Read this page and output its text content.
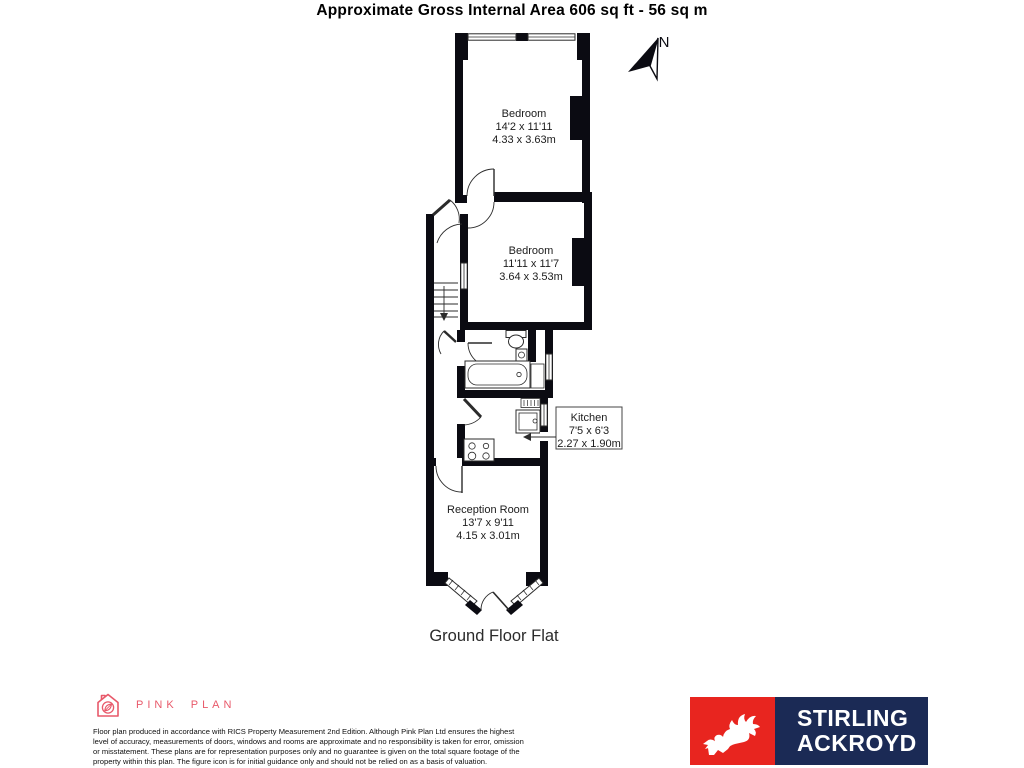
Approximate Gross Internal Area 606 sq ft - 56 sq m
N
Bedroom
14'2 x 11'11
4.33 x 3.63m
Bedroom
11'11 x 11'7
3.64 x 3.53m
Kitchen
7'5 x 6'3
2.27 x 1.90m
Reception Room
13'7 x 9'11
4.15 x 3.01m
Ground Floor Flat
PINK PLAN
Floor plan produced in accordance with RICS Property Measurement 2nd Edition. Although Pink Plan Ltd ensures the highest
level of accuracy, measurements of doors, windows and rooms are approximate and no responsibility is taken for error, omission
or misstatement. These plans are for representation purposes only and no guarantee is given on the total square footage of the
property within this plan. The figure icon is for initial guidance only and should not be relied on as a basis of valuation.
STIRLING
ACKROYD
